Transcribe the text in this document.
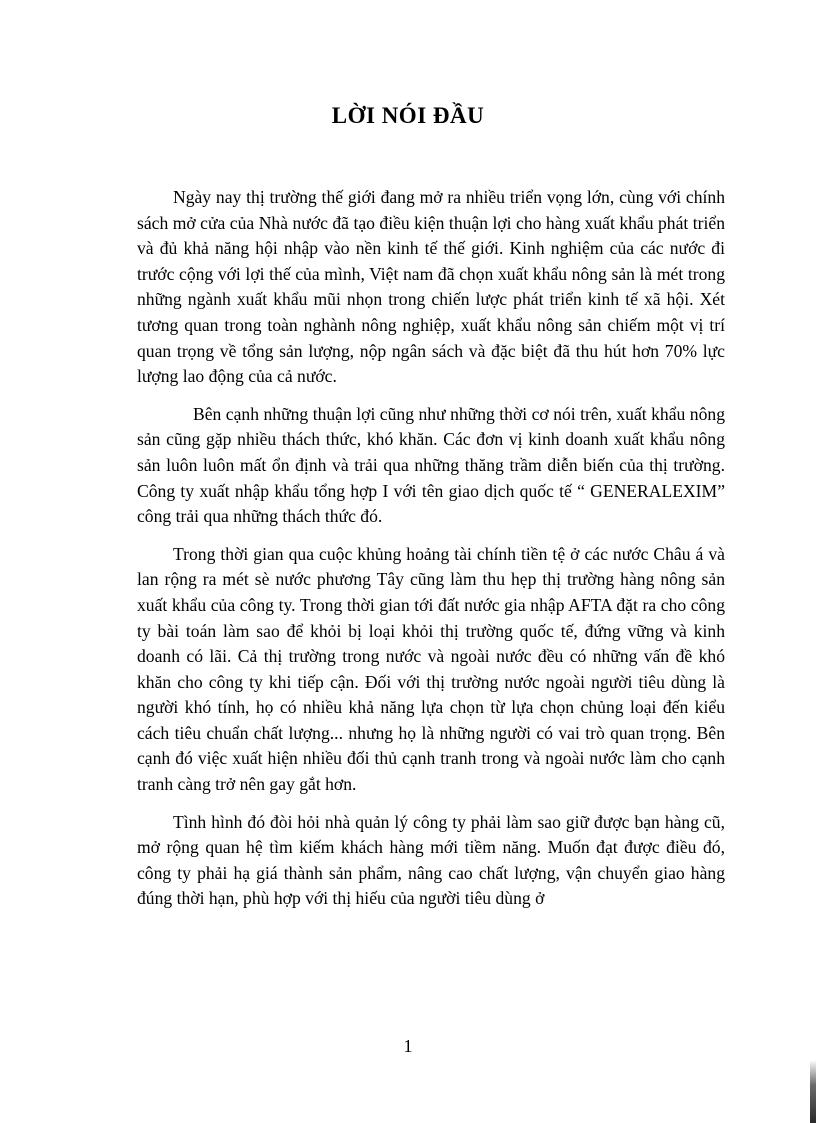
LỜI NÓI ĐẦU

Ngày nay thị trường thế giới đang mở ra nhiều triển vọng lớn, cùng với chính sách mở cửa của Nhà nước đã tạo điều kiện thuận lợi cho hàng xuất khẩu phát triển và đủ khả năng hội nhập vào nền kinh tế thế giới. Kinh nghiệm của các nước đi trước cộng với lợi thế của mình, Việt nam đã chọn xuất khẩu nông sản là mét trong những ngành xuất khẩu mũi nhọn trong chiến lược phát triển kinh tế xã hội. Xét tương quan trong toàn nghành nông nghiệp, xuất khẩu nông sản chiếm một vị trí quan trọng về tổng sản lượng, nộp ngân sách và đặc biệt đã thu hút hơn 70% lực lượng lao động của cả nước.

Bên cạnh những thuận lợi cũng như những thời cơ nói trên, xuất khẩu nông sản cũng gặp nhiều thách thức, khó khăn. Các đơn vị kinh doanh xuất khẩu nông sản luôn luôn mất ổn định và trải qua những thăng trầm diễn biến của thị trường. Công ty xuất nhập khẩu tổng hợp I với tên giao dịch quốc tế “ GENERALEXIM” công trải qua những thách thức đó.

Trong thời gian qua cuộc khủng hoảng tài chính tiền tệ ở các nước Châu á và lan rộng ra mét sè nước phương Tây cũng làm thu hẹp thị trường hàng nông sản xuất khẩu của công ty. Trong thời gian tới đất nước gia nhập AFTA đặt ra cho công ty bài toán làm sao để khỏi bị loại khỏi thị trường quốc tế, đứng vững và kinh doanh có lãi. Cả thị trường trong nước và ngoài nước đều có những vấn đề khó khăn cho công ty khi tiếp cận. Đối với thị trường nước ngoài người tiêu dùng là người khó tính, họ có nhiều khả năng lựa chọn từ lựa chọn chủng loại đến kiểu cách tiêu chuẩn chất lượng... nhưng họ là những người có vai trò quan trọng. Bên cạnh đó việc xuất hiện nhiều đối thủ cạnh tranh trong và ngoài nước làm cho cạnh tranh càng trở nên gay gắt hơn.

Tình hình đó đòi hỏi nhà quản lý công ty phải làm sao giữ được bạn hàng cũ, mở rộng quan hệ tìm kiếm khách hàng mới tiềm năng. Muốn đạt được điều đó, công ty phải hạ giá thành sản phẩm, nâng cao chất lượng, vận chuyển giao hàng đúng thời hạn, phù hợp với thị hiếu của người tiêu dùng ở

1
